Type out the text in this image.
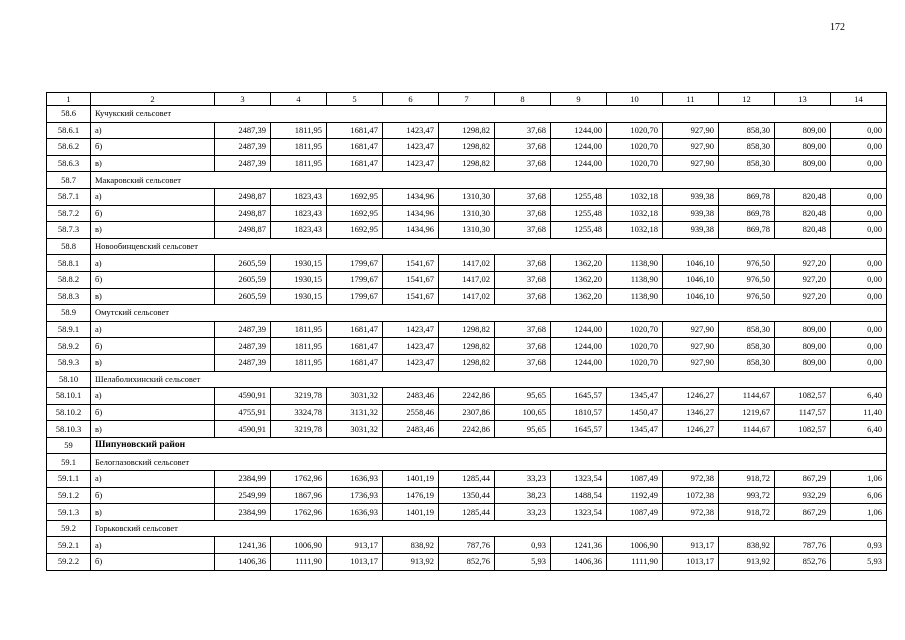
172
1	2	3	4	5	6	7	8	9	10	11	12	13	14
58.6	Кучукский сельсовет												
58.6.1	а)	2487,39	1811,95	1681,47	1423,47	1298,82	37,68	1244,00	1020,70	927,90	858,30	809,00	0,00
58.6.2	б)	2487,39	1811,95	1681,47	1423,47	1298,82	37,68	1244,00	1020,70	927,90	858,30	809,00	0,00
58.6.3	в)	2487,39	1811,95	1681,47	1423,47	1298,82	37,68	1244,00	1020,70	927,90	858,30	809,00	0,00
58.7	Макаровский сельсовет												
58.7.1	а)	2498,87	1823,43	1692,95	1434,96	1310,30	37,68	1255,48	1032,18	939,38	869,78	820,48	0,00
58.7.2	б)	2498,87	1823,43	1692,95	1434,96	1310,30	37,68	1255,48	1032,18	939,38	869,78	820,48	0,00
58.7.3	в)	2498,87	1823,43	1692,95	1434,96	1310,30	37,68	1255,48	1032,18	939,38	869,78	820,48	0,00
58.8	Новообинцевский сельсовет												
58.8.1	а)	2605,59	1930,15	1799,67	1541,67	1417,02	37,68	1362,20	1138,90	1046,10	976,50	927,20	0,00
58.8.2	б)	2605,59	1930,15	1799,67	1541,67	1417,02	37,68	1362,20	1138,90	1046,10	976,50	927,20	0,00
58.8.3	в)	2605,59	1930,15	1799,67	1541,67	1417,02	37,68	1362,20	1138,90	1046,10	976,50	927,20	0,00
58.9	Омутский сельсовет												
58.9.1	а)	2487,39	1811,95	1681,47	1423,47	1298,82	37,68	1244,00	1020,70	927,90	858,30	809,00	0,00
58.9.2	б)	2487,39	1811,95	1681,47	1423,47	1298,82	37,68	1244,00	1020,70	927,90	858,30	809,00	0,00
58.9.3	в)	2487,39	1811,95	1681,47	1423,47	1298,82	37,68	1244,00	1020,70	927,90	858,30	809,00	0,00
58.10	Шелаболихинский сельсовет												
58.10.1	а)	4590,91	3219,78	3031,32	2483,46	2242,86	95,65	1645,57	1345,47	1246,27	1144,67	1082,57	6,40
58.10.2	б)	4755,91	3324,78	3131,32	2558,46	2307,86	100,65	1810,57	1450,47	1346,27	1219,67	1147,57	11,40
58.10.3	в)	4590,91	3219,78	3031,32	2483,46	2242,86	95,65	1645,57	1345,47	1246,27	1144,67	1082,57	6,40
59	Шипуновский район												
59.1	Белоглазовский сельсовет												
59.1.1	а)	2384,99	1762,96	1636,93	1401,19	1285,44	33,23	1323,54	1087,49	972,38	918,72	867,29	1,06
59.1.2	б)	2549,99	1867,96	1736,93	1476,19	1350,44	38,23	1488,54	1192,49	1072,38	993,72	932,29	6,06
59.1.3	в)	2384,99	1762,96	1636,93	1401,19	1285,44	33,23	1323,54	1087,49	972,38	918,72	867,29	1,06
59.2	Горьковский сельсовет												
59.2.1	а)	1241,36	1006,90	913,17	838,92	787,76	0,93	1241,36	1006,90	913,17	838,92	787,76	0,93
59.2.2	б)	1406,36	1111,90	1013,17	913,92	852,76	5,93	1406,36	1111,90	1013,17	913,92	852,76	5,93
